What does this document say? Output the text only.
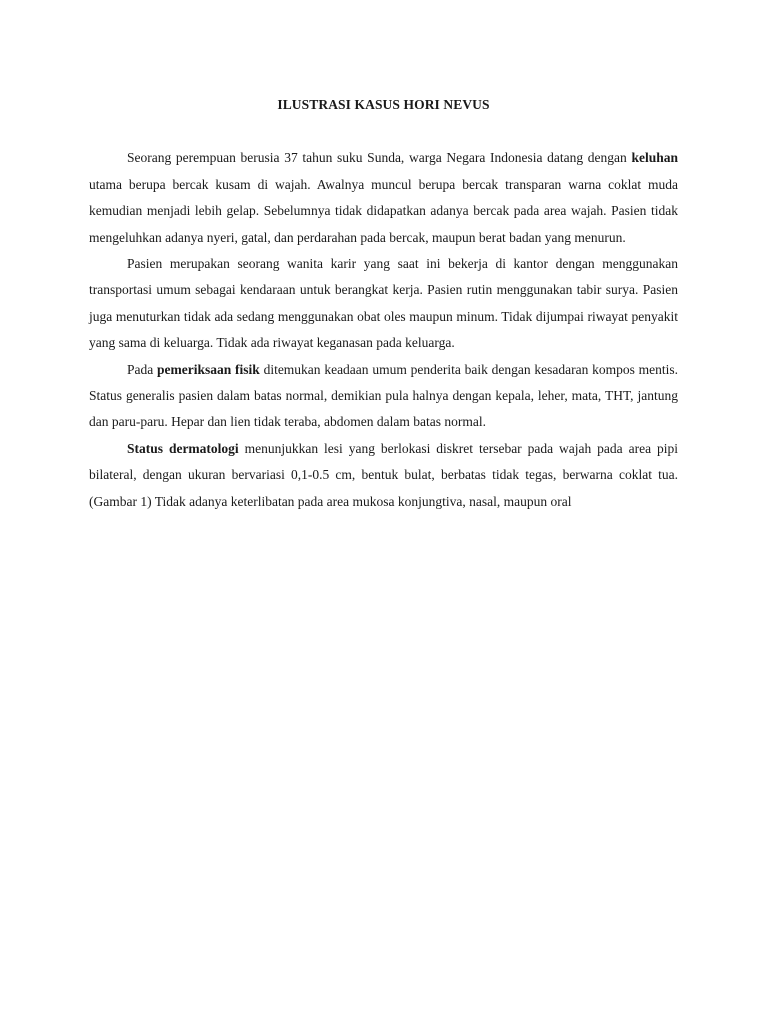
ILUSTRASI KASUS HORI NEVUS

Seorang perempuan berusia 37 tahun suku Sunda, warga Negara Indonesia datang dengan keluhan utama berupa bercak kusam di wajah. Awalnya muncul berupa bercak transparan warna coklat muda kemudian menjadi lebih gelap. Sebelumnya tidak didapatkan adanya bercak pada area wajah. Pasien tidak mengeluhkan adanya nyeri, gatal, dan perdarahan pada bercak, maupun berat badan yang menurun.

Pasien merupakan seorang wanita karir yang saat ini bekerja di kantor dengan menggunakan transportasi umum sebagai kendaraan untuk berangkat kerja. Pasien rutin menggunakan tabir surya. Pasien juga menuturkan tidak ada sedang menggunakan obat oles maupun minum. Tidak dijumpai riwayat penyakit yang sama di keluarga. Tidak ada riwayat keganasan pada keluarga.

Pada pemeriksaan fisik ditemukan keadaan umum penderita baik dengan kesadaran kompos mentis. Status generalis pasien dalam batas normal, demikian pula halnya dengan kepala, leher, mata, THT, jantung dan paru-paru. Hepar dan lien tidak teraba, abdomen dalam batas normal.

Status dermatologi menunjukkan lesi yang berlokasi diskret tersebar pada wajah pada area pipi bilateral, dengan ukuran bervariasi 0,1-0.5 cm, bentuk bulat, berbatas tidak tegas, berwarna coklat tua. (Gambar 1) Tidak adanya keterlibatan pada area mukosa konjungtiva, nasal, maupun oral
